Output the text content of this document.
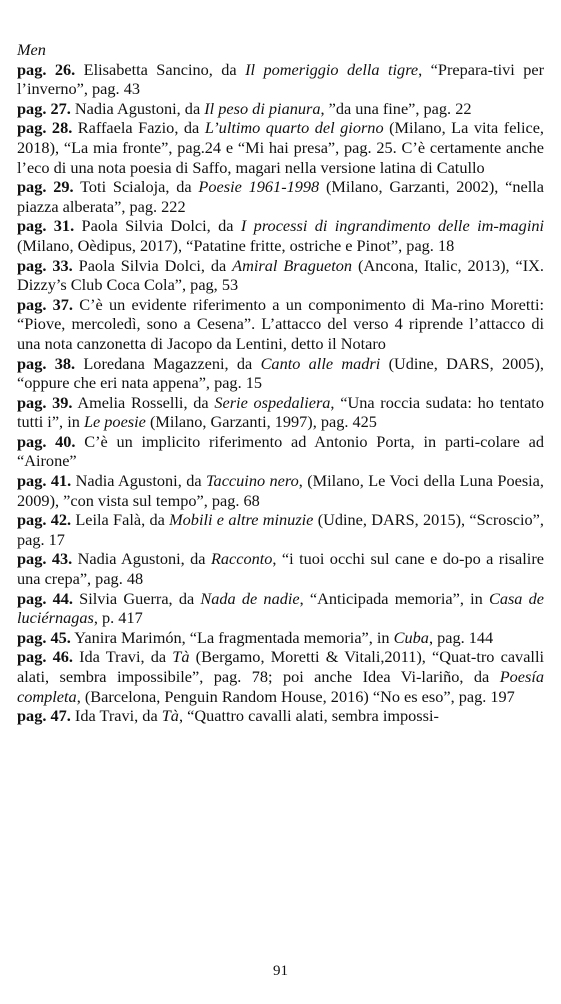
Men

pag. 26. Elisabetta Sancino, da Il pomeriggio della tigre, “Prepara-tivi per l’inverno”, pag. 43

pag. 27. Nadia Agustoni, da Il peso di pianura, ”da una fine”, pag. 22

pag. 28. Raffaela Fazio, da L’ultimo quarto del giorno (Milano, La vita felice, 2018), “La mia fronte”, pag.24 e “Mi hai presa”, pag. 25. C’è certamente anche l’eco di una nota poesia di Saffo, magari nella versione latina di Catullo

pag. 29. Toti Scialoja, da Poesie 1961-1998 (Milano, Garzanti, 2002), “nella piazza alberata”, pag. 222

pag. 31. Paola Silvia Dolci, da I processi di ingrandimento delle im-magini (Milano, Oèdipus, 2017), “Patatine fritte, ostriche e Pinot”, pag. 18

pag. 33. Paola Silvia Dolci, da Amiral Bragueton (Ancona, Italic, 2013), “IX. Dizzy’s Club Coca Cola”, pag, 53

pag. 37. C’è un evidente riferimento a un componimento di Ma-rino Moretti: “Piove, mercoledì, sono a Cesena”. L’attacco del verso 4 riprende l’attacco di una nota canzonetta di Jacopo da Lentini, detto il Notaro

pag. 38. Loredana Magazzeni, da Canto alle madri (Udine, DARS, 2005), “oppure che eri nata appena”, pag. 15

pag. 39. Amelia Rosselli, da Serie ospedaliera, “Una roccia sudata: ho tentato tutti i”, in Le poesie (Milano, Garzanti, 1997), pag. 425

pag. 40. C’è un implicito riferimento ad Antonio Porta, in parti-colare ad “Airone”

pag. 41. Nadia Agustoni, da Taccuino nero, (Milano, Le Voci della Luna Poesia, 2009), ”con vista sul tempo”, pag. 68

pag. 42. Leila Falà, da Mobili e altre minuzie (Udine, DARS, 2015), “Scroscio”, pag. 17

pag. 43. Nadia Agustoni, da Racconto, “i tuoi occhi sul cane e do-po a risalire una crepa”, pag. 48

pag. 44. Silvia Guerra, da Nada de nadie, “Anticipada memoria”, in Casa de luciérnagas, p. 417

pag. 45. Yanira Marimón, “La fragmentada memoria”, in Cuba, pag. 144

pag. 46. Ida Travi, da Tà (Bergamo, Moretti & Vitali,2011), “Quat-tro cavalli alati, sembra impossibile”, pag. 78; poi anche Idea Vi-lariño, da Poesía completa, (Barcelona, Penguin Random House, 2016) “No es eso”, pag. 197

pag. 47. Ida Travi, da Tà, “Quattro cavalli alati, sembra impossi-

91
